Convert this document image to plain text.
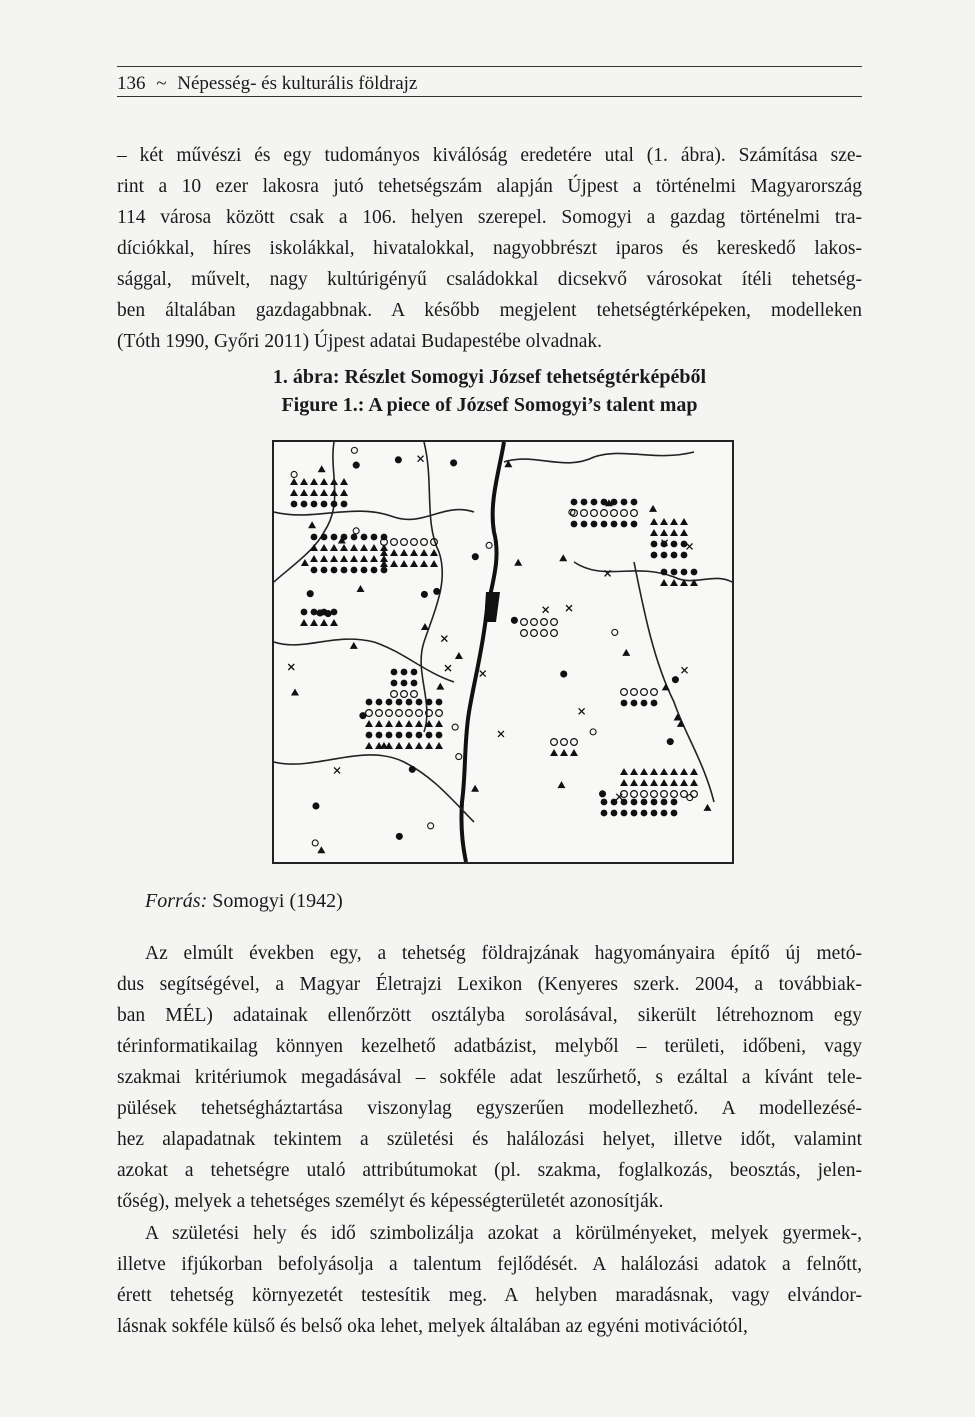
136 ~ Népesség- és kulturális földrajz
– két művészi és egy tudományos kiválóság eredetére utal (1. ábra). Számítása sze-
rint a 10 ezer lakosra jutó tehetségszám alapján Újpest a történelmi Magyarország
114 városa között csak a 106. helyen szerepel. Somogyi a gazdag történelmi tra-
díciókkal, híres iskolákkal, hivatalokkal, nagyobbrészt iparos és kereskedő lakos-
sággal, művelt, nagy kultúrigényű családokkal dicsekvő városokat ítéli tehetség-
ben általában gazdagabbnak. A később megjelent tehetségtérképeken, modelleken
(Tóth 1990, Győri 2011) Újpest adatai Budapestébe olvadnak.
1. ábra: Részlet Somogyi József tehetségtérképéből
Figure 1.: A piece of József Somogyi’s talent map
Forrás: Somogyi (1942)
Az elmúlt években egy, a tehetség földrajzának hagyományaira építő új metó-
dus segítségével, a Magyar Életrajzi Lexikon (Kenyeres szerk. 2004, a továbbiak-
ban MÉL) adatainak ellenőrzött osztályba sorolásával, sikerült létrehoznom egy
térinformatikailag könnyen kezelhető adatbázist, melyből – területi, időbeni, vagy
szakmai kritériumok megadásával – sokféle adat leszűrhető, s ezáltal a kívánt tele-
pülések tehetségháztartása viszonylag egyszerűen modellezhető. A modellezésé-
hez alapadatnak tekintem a születési és halálozási helyet, illetve időt, valamint
azokat a tehetségre utaló attribútumokat (pl. szakma, foglalkozás, beosztás, jelen-
tőség), melyek a tehetséges személyt és képességterületét azonosítják.
A születési hely és idő szimbolizálja azokat a körülményeket, melyek gyermek-,
illetve ifjúkorban befolyásolja a talentum fejlődését. A halálozási adatok a felnőtt,
érett tehetség környezetét testesítik meg. A helyben maradásnak, vagy elvándor-
lásnak sokféle külső és belső oka lehet, melyek általában az egyéni motivációtól,
